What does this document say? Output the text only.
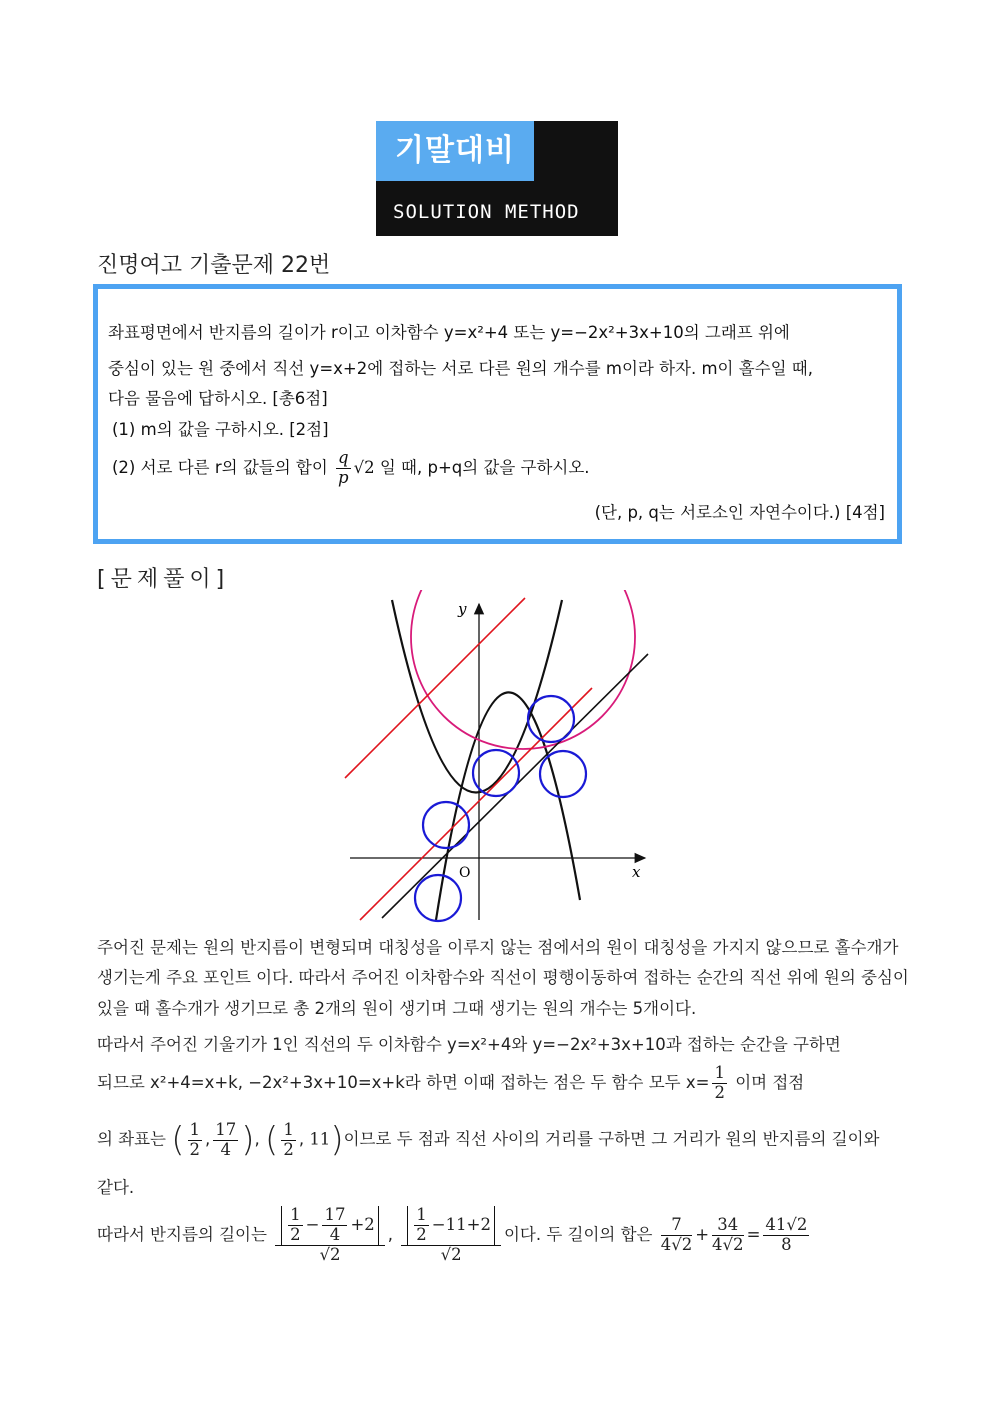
기말대비
SOLUTION METHOD
진명여고 기출문제 22번
좌표평면에서 반지름의 길이가 r이고 이차함수 y=x²+4 또는 y=−2x²+3x+10의 그래프 위에
중심이 있는 원 중에서 직선 y=x+2에 접하는 서로 다른 원의 개수를 m이라 하자. m이 홀수일 때,
다음 물음에 답하시오. [총6점]
(1) m의 값을 구하시오. [2점]
(2) 서로 다른 r의 값들의 합이 $\frac{q}{p} √2$ 일 때, p+q의 값을 구하시오.
(단, p, q는 서로소인 자연수이다.) [4점]
[문제풀이]
y
x
O
주어진 문제는 원의 반지름이 변형되며 대칭성을 이루지 않는 점에서의 원이 대칭성을 가지지 않으므로 홀수개가
생기는게 주요 포인트 이다. 따라서 주어진 이차함수와 직선이 평행이동하여 접하는 순간의 직선 위에 원의 중심이
있을 때 홀수개가 생기므로 총 2개의 원이 생기며 그때 생기는 원의 개수는 5개이다.
따라서 주어진 기울기가 1인 직선의 두 이차함수 y=x²+4와 y=−2x²+3x+10과 접하는 순간을 구하면
되므로 x²+4=x+k, −2x²+3x+10=x+k라 하면 이때 접하는 점은 두 함수 모두 $x= \frac{1}{2}$ 이며 접점
의 좌표는 ( $\frac{1}{2}$ , $\frac{17}{4}$ ), ( $\frac{1}{2}$ , 11)이므로 두 점과 직선 사이의 거리를 구하면 그 거리가 원의 반지름의 길이와
같다.
따라서 반지름의 길이는 $\frac{\frac{1}{2} - \frac{17}{4} +2}{√2}$ , $\frac{\frac{1}{2} -11+2}{√2}$ 이다. 두 길이의 합은 $\frac{7}{4√2} + \frac{34}{4√2} = \frac{41√2}{8}$
